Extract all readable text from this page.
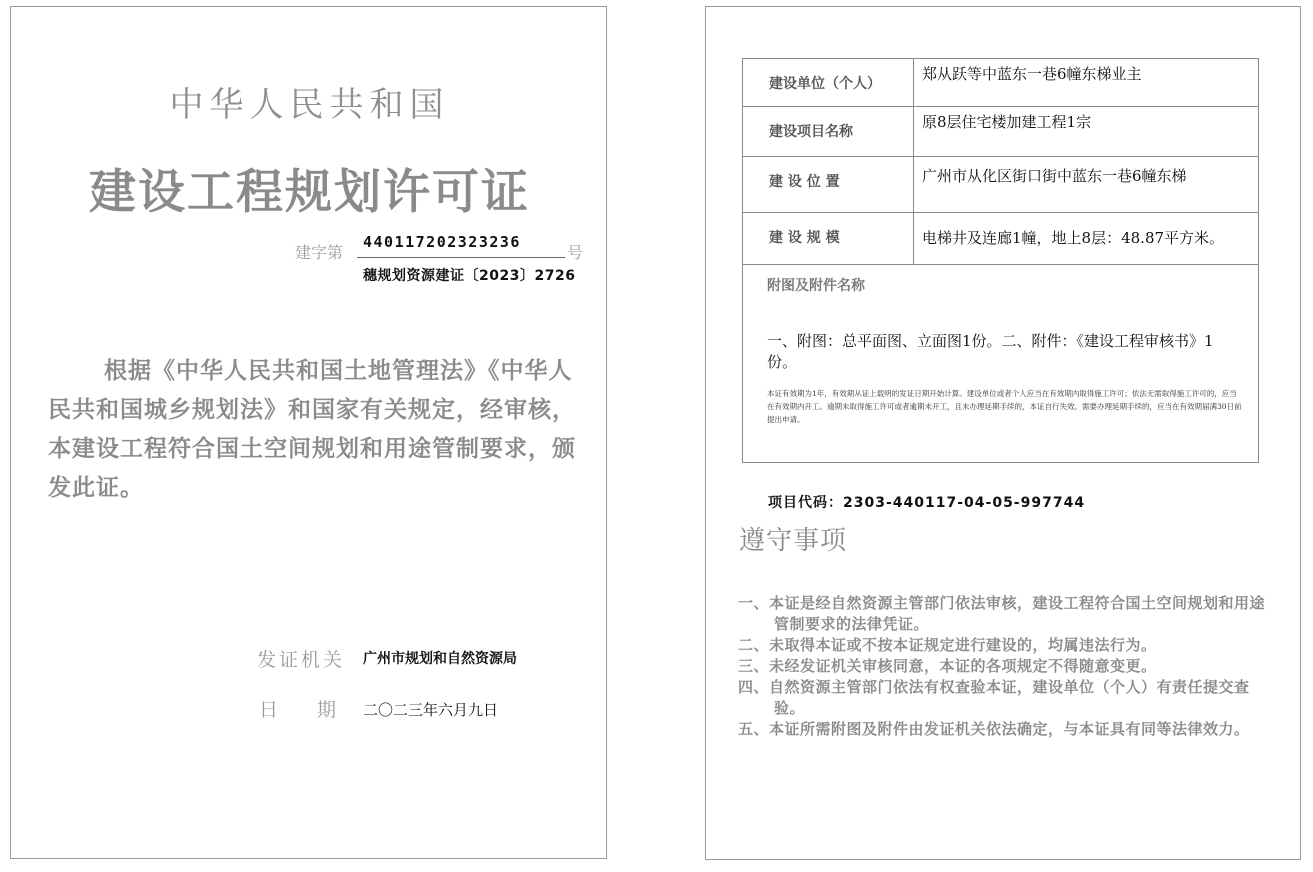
中华人民共和国
建设工程规划许可证
建字第
440117202323236
号
穗规划资源建证〔2023〕2726
根据《中华人民共和国土地管理法》《中华人民共和国城乡规划法》和国家有关规定，经审核，本建设工程符合国土空间规划和用途管制要求，颁发此证。
发证机关 广州市规划和自然资源局
日 期 二〇二三年六月九日
建设单位（个人）	郑从跃等中蓝东一巷6幢东梯业主

建设项目名称	原8层住宅楼加建工程1宗

建 设 位 置	广州市从化区街口街中蓝东一巷6幢东梯

建 设 规 模	电梯井及连廊1幢，地上8层：48.87平方米。

附图及附件名称
一、附图：总平面图、立面图1份。二、附件：《建设工程审核书》1份。
本证有效期为1年，有效期从证上载明的发证日期开始计算。建设单位或者个人应当在有效期内取得施工许可；依法无需取得施工许可的，应当在有效期内开工。逾期未取得施工许可或者逾期未开工，且未办理延期手续的，本证自行失效。需要办理延期手续的，应当在有效期届满30日前提出申请。	
项目代码：2303-440117-04-05-997744
遵守事项
一、本证是经自然资源主管部门依法审核，建设工程符合国土空间规划和用途管制要求的法律凭证。
二、未取得本证或不按本证规定进行建设的，均属违法行为。
三、未经发证机关审核同意，本证的各项规定不得随意变更。
四、自然资源主管部门依法有权查验本证，建设单位（个人）有责任提交查验。
五、本证所需附图及附件由发证机关依法确定，与本证具有同等法律效力。
